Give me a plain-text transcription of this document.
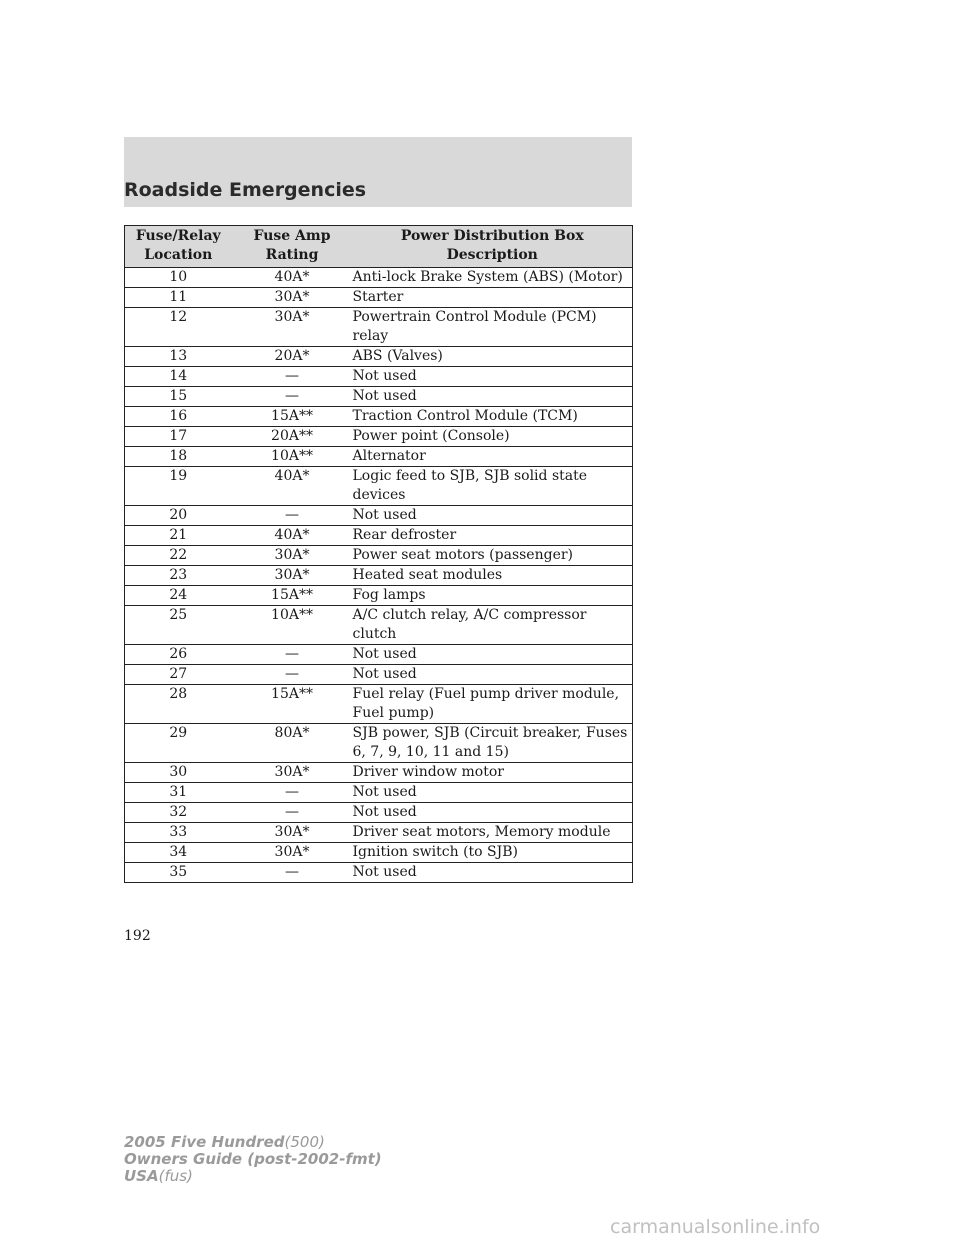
Roadside Emergencies
Fuse/Relay Location	Fuse Amp Rating	Power Distribution Box Description
10	40A*	Anti-lock Brake System (ABS) (Motor)
11	30A*	Starter
12	30A*	Powertrain Control Module (PCM) relay
13	20A*	ABS (Valves)
14	—	Not used
15	—	Not used
16	15A**	Traction Control Module (TCM)
17	20A**	Power point (Console)
18	10A**	Alternator
19	40A*	Logic feed to SJB, SJB solid state devices
20	—	Not used
21	40A*	Rear defroster
22	30A*	Power seat motors (passenger)
23	30A*	Heated seat modules
24	15A**	Fog lamps
25	10A**	A/C clutch relay, A/C compressor clutch
26	—	Not used
27	—	Not used
28	15A**	Fuel relay (Fuel pump driver module, Fuel pump)
29	80A*	SJB power, SJB (Circuit breaker, Fuses 6, 7, 9, 10, 11 and 15)
30	30A*	Driver window motor
31	—	Not used
32	—	Not used
33	30A*	Driver seat motors, Memory module
34	30A*	Ignition switch (to SJB)
35	—	Not used
192
2005 Five Hundred(500)
Owners Guide (post-2002-fmt)
USA(fus)
carmanualsonline.info
